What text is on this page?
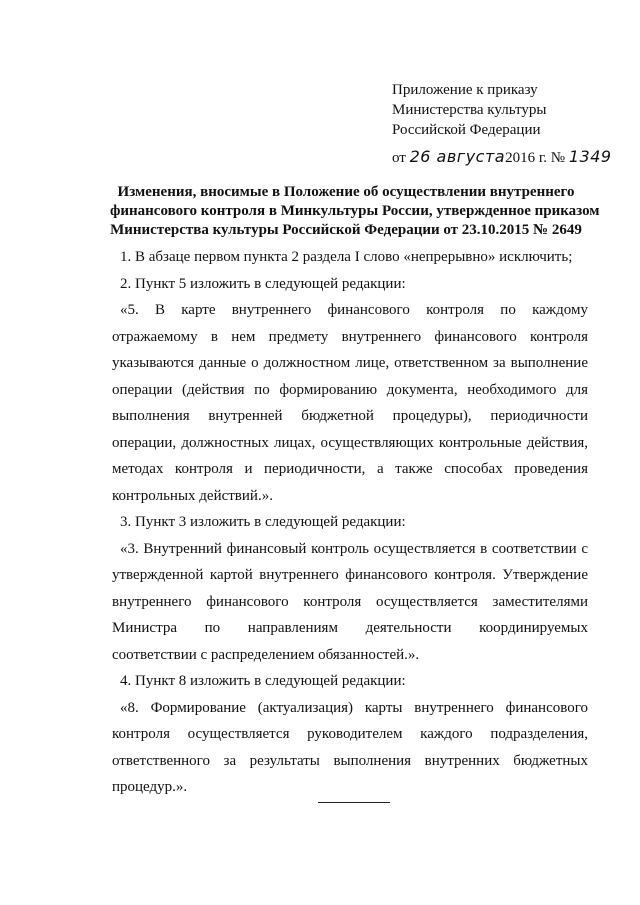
Приложение к приказу
Министерства культуры
Российской Федерации
от 26 августа2016 г. № 1349
Изменения, вносимые в Положение об осуществлении внутреннего
финансового контроля в Минкультуры России, утвержденное приказом
Министерства культуры Российской Федерации от 23.10.2015 № 2649
1. В абзаце первом пункта 2 раздела I слово «непрерывно» исключить;
2. Пункт 5 изложить в следующей редакции:
«5. В карте внутреннего финансового контроля по каждому
отражаемому в нем предмету внутреннего финансового контроля
указываются данные о должностном лице, ответственном за выполнение
операции (действия по формированию документа, необходимого для
выполнения внутренней бюджетной процедуры), периодичности
операции, должностных лицах, осуществляющих контрольные действия,
методах контроля и периодичности, а также способах проведения
контрольных действий.».
3. Пункт 3 изложить в следующей редакции:
«3. Внутренний финансовый контроль осуществляется в соответствии с
утвержденной картой внутреннего финансового контроля. Утверждение
внутреннего финансового контроля осуществляется заместителями
Министра по направлениям деятельности координируемых
соответствии с распределением обязанностей.».
4. Пункт 8 изложить в следующей редакции:
«8. Формирование (актуализация) карты внутреннего финансового
контроля осуществляется руководителем каждого подразделения,
ответственного за результаты выполнения внутренних бюджетных
процедур.».
